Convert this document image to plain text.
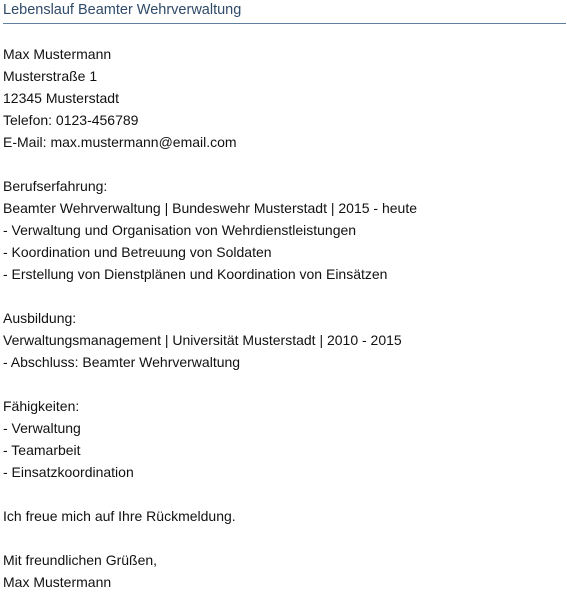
Lebenslauf Beamter Wehrverwaltung
Max Mustermann
Musterstraße 1
12345 Musterstadt
Telefon: 0123-456789
E-Mail: max.mustermann@email.com
Berufserfahrung:
Beamter Wehrverwaltung | Bundeswehr Musterstadt | 2015 - heute
- Verwaltung und Organisation von Wehrdienstleistungen
- Koordination und Betreuung von Soldaten
- Erstellung von Dienstplänen und Koordination von Einsätzen
Ausbildung:
Verwaltungsmanagement | Universität Musterstadt | 2010 - 2015
- Abschluss: Beamter Wehrverwaltung
Fähigkeiten:
- Verwaltung
- Teamarbeit
- Einsatzkoordination
Ich freue mich auf Ihre Rückmeldung.
Mit freundlichen Grüßen,
Max Mustermann
